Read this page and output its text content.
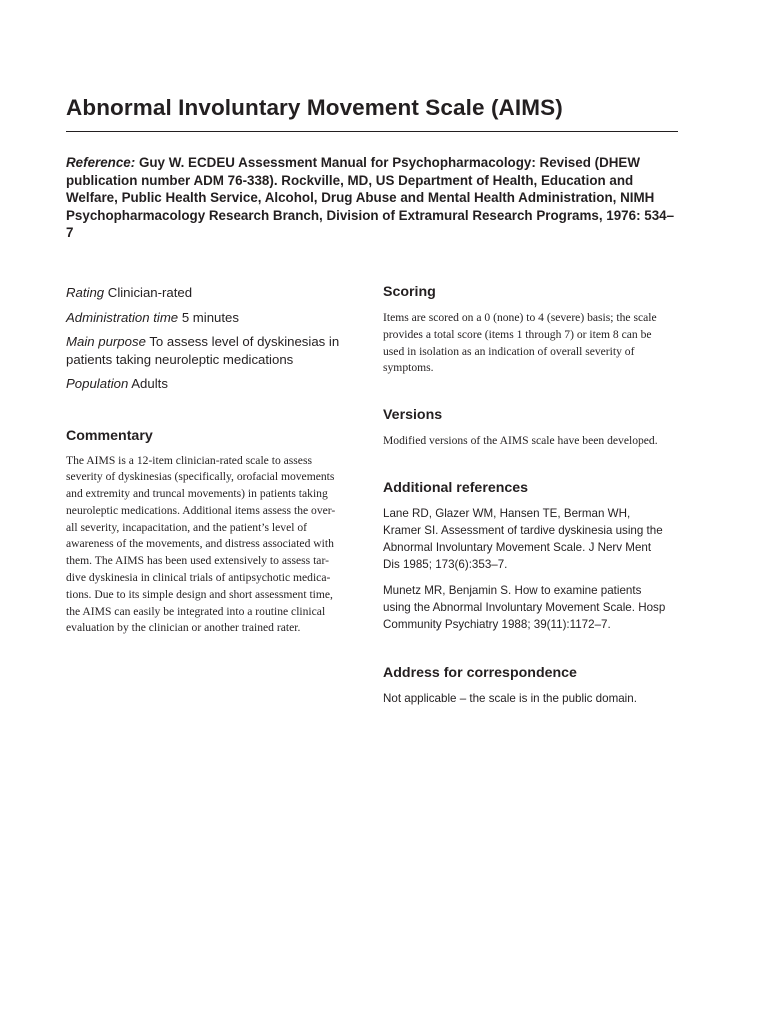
Abnormal Involuntary Movement Scale (AIMS)

Reference: Guy W. ECDEU Assessment Manual for Psychopharmacology: Revised (DHEW publication number ADM 76-338). Rockville, MD, US Department of Health, Education and Welfare, Public Health Service, Alcohol, Drug Abuse and Mental Health Administration, NIMH Psychopharmacology Research Branch, Division of Extramural Research Programs, 1976: 534–7

Rating Clinician-rated

Administration time 5 minutes

Main purpose To assess level of dyskinesias in patients taking neuroleptic medications

Population Adults

Commentary

The AIMS is a 12-item clinician-rated scale to assess
severity of dyskinesias (specifically, orofacial movements
and extremity and truncal movements) in patients taking
neuroleptic medications. Additional items assess the over-
all severity, incapacitation, and the patient’s level of
awareness of the movements, and distress associated with
them. The AIMS has been used extensively to assess tar-
dive dyskinesia in clinical trials of antipsychotic medica-
tions. Due to its simple design and short assessment time,
the AIMS can easily be integrated into a routine clinical
evaluation by the clinician or another trained rater.

Scoring

Items are scored on a 0 (none) to 4 (severe) basis; the scale
provides a total score (items 1 through 7) or item 8 can be
used in isolation as an indication of overall severity of
symptoms.

Versions

Modified versions of the AIMS scale have been developed.

Additional references

Lane RD, Glazer WM, Hansen TE, Berman WH,
Kramer SI. Assessment of tardive dyskinesia using the
Abnormal Involuntary Movement Scale. J Nerv Ment
Dis 1985; 173(6):353–7.

Munetz MR, Benjamin S. How to examine patients
using the Abnormal Involuntary Movement Scale. Hosp
Community Psychiatry 1988; 39(11):1172–7.

Address for correspondence

Not applicable – the scale is in the public domain.
